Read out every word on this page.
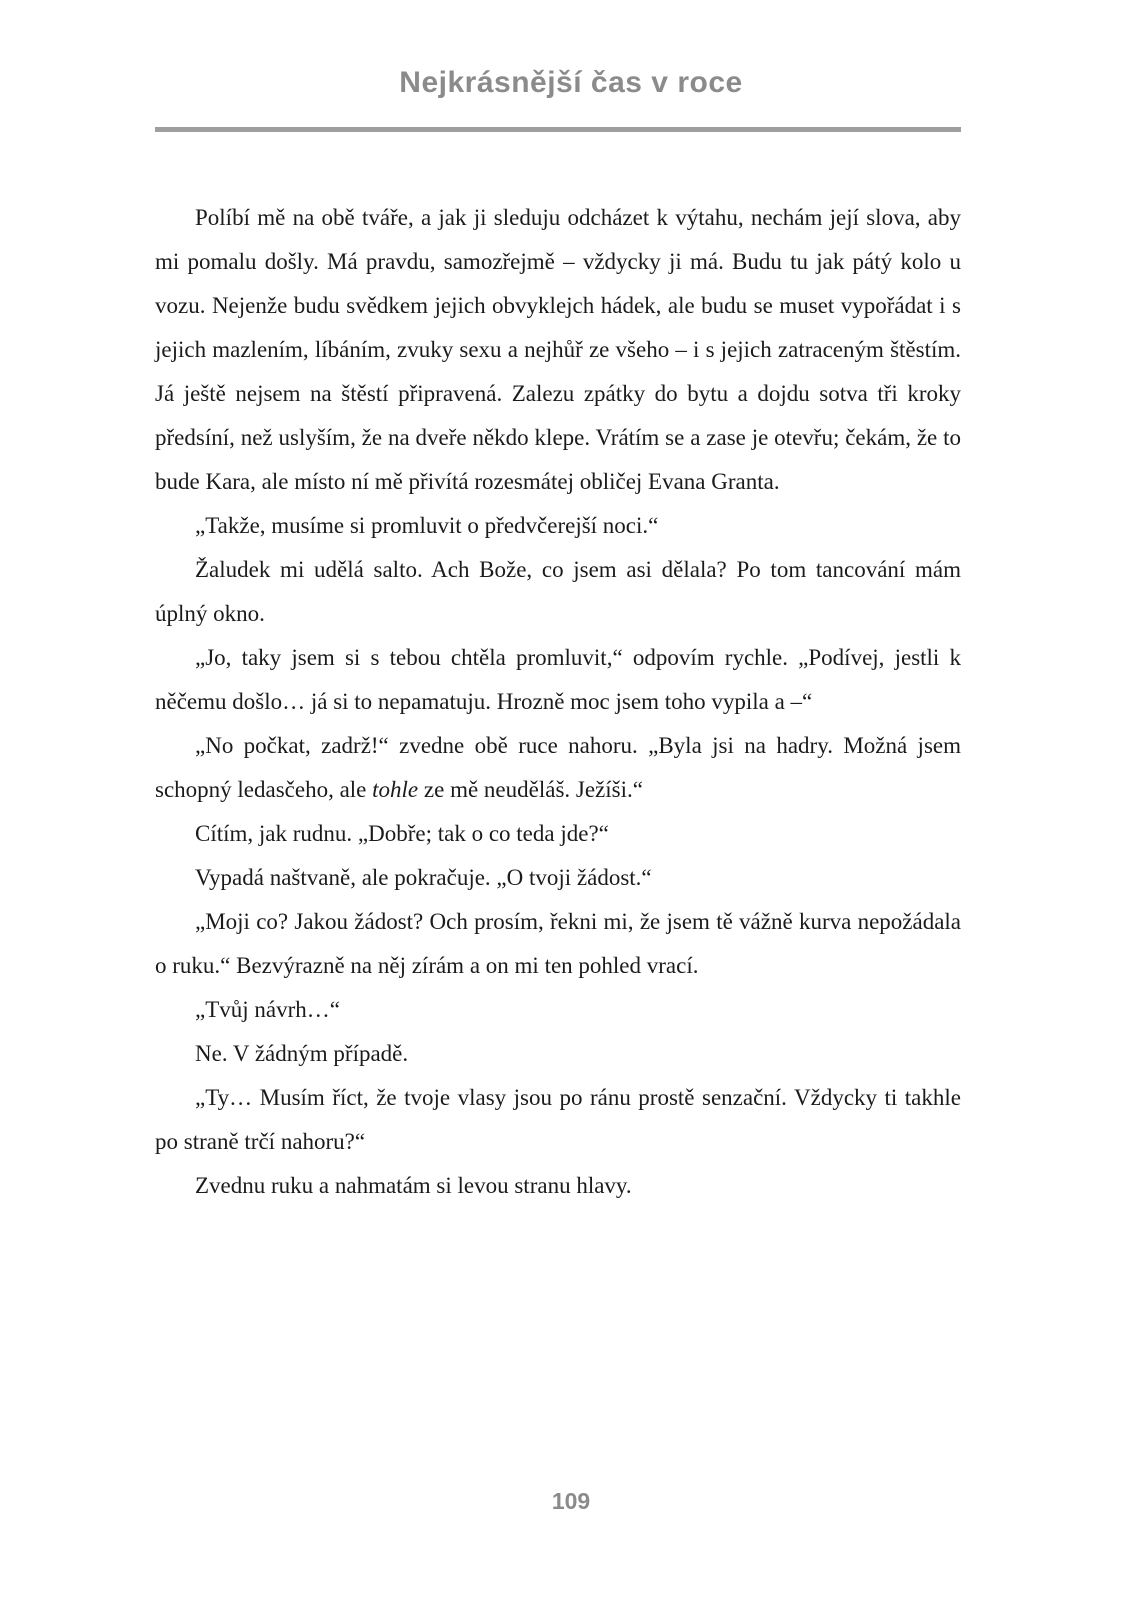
Nejkrásnější čas v roce

Políbí mě na obě tváře, a jak ji sleduju odcházet k výtahu, nechám její slova, aby mi pomalu došly. Má pravdu, samozřejmě – vždycky ji má. Budu tu jak pátý kolo u vozu. Nejenže budu svědkem jejich obvyklejch hádek, ale budu se muset vypořádat i s jejich mazlením, líbáním, zvuky sexu a nejhůř ze všeho – i s jejich zatraceným štěstím. Já ještě nejsem na štěstí připravená. Zalezu zpátky do bytu a dojdu sotva tři kroky předsíní, než uslyším, že na dveře někdo klepe. Vrátím se a zase je otevřu; čekám, že to bude Kara, ale místo ní mě přivítá rozesmátej obličej Evana Granta.

„Takže, musíme si promluvit o předvčerejší noci.“

Žaludek mi udělá salto. Ach Bože, co jsem asi dělala? Po tom tancování mám úplný okno.

„Jo, taky jsem si s tebou chtěla promluvit,“ odpovím rychle. „Podívej, jestli k něčemu došlo… já si to nepamatuju. Hrozně moc jsem toho vypila a –“

„No počkat, zadrž!“ zvedne obě ruce nahoru. „Byla jsi na hadry. Možná jsem schopný ledasčeho, ale tohle ze mě neuděláš. Ježíši.“

Cítím, jak rudnu. „Dobře; tak o co teda jde?“

Vypadá naštvaně, ale pokračuje. „O tvoji žádost.“

„Moji co? Jakou žádost? Och prosím, řekni mi, že jsem tě vážně kurva nepožádala o ruku.“ Bezvýrazně na něj zírám a on mi ten pohled vrací.

„Tvůj návrh…“

Ne. V žádným případě.

„Ty… Musím říct, že tvoje vlasy jsou po ránu prostě senzační. Vždycky ti takhle po straně trčí nahoru?“

Zvednu ruku a nahmatám si levou stranu hlavy.

109
